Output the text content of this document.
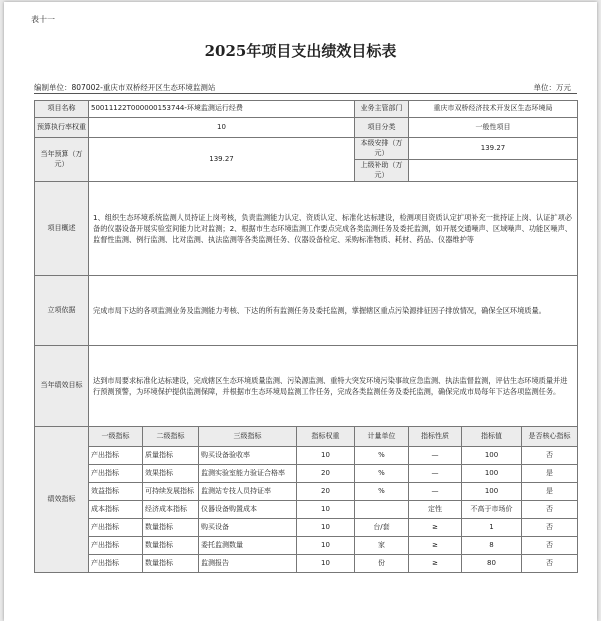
表十一
2025年项目支出绩效目标表
编制单位：807002-重庆市双桥经开区生态环境监测站	单位：万元
项目名称	50011122T000000153744-环境监测运行经费				业务主管部门	重庆市双桥经济技术开发区生态环境局		
预算执行率权重	10				项目分类	一般性项目		
当年预算（万元）	139.27				本级安排（万元）	139.27		
					上级补助（万元）			
项目概述	1、组织生态环境系统监测人员持证上岗考核，负责监测能力认定、资质认定、标准化达标建设，检测项目资质认定扩项补充一批持证上岗、认证扩项必备的仪器设备开展实验室间能力比对监测；2、根据市生态环境监测工作要点完成各类监测任务及委托监测，如开展交通噪声、区域噪声、功能区噪声、监督性监测、例行监测、比对监测、执法监测等各类监测任务、仪器设备检定、采购标准物质、耗材、药品、仪器维护等							
立项依据	完成市局下达的各项监测业务及监测能力考核、下达的所有监测任务及委托监测，掌握辖区重点污染源排征因子排放情况，确保全区环境质量。							
当年绩效目标	达到市局要求标准化达标建设，完成辖区生态环境质量监测、污染源监测、重特大突发环境污染事故应急监测、执法监督监测，评估生态环境质量并进行预测预警，为环境保护提供监测保障，并根据市生态环境局监测工作任务，完成各类监测任务及委托监测，确保完成市局每年下达各项监测任务。							
绩效指标	一级指标	二级指标	三级指标	指标权重	计量单位	指标性质	指标值	是否核心指标
	产出指标	质量指标	购买设备验收率	10	%	—	100	否
	产出指标	效果指标	监测实验室能力验证合格率	20	%	—	100	是
	效益指标	可持续发展指标	监测站专技人员持证率	20	%	—	100	是
	成本指标	经济成本指标	仪器设备购置成本	10		定性	不高于市场价	否
	产出指标	数量指标	购买设备	10	台/套	≥	1	否
	产出指标	数量指标	委托监测数量	10	家	≥	8	否
	产出指标	数量指标	监测报告	10	份	≥	80	否
